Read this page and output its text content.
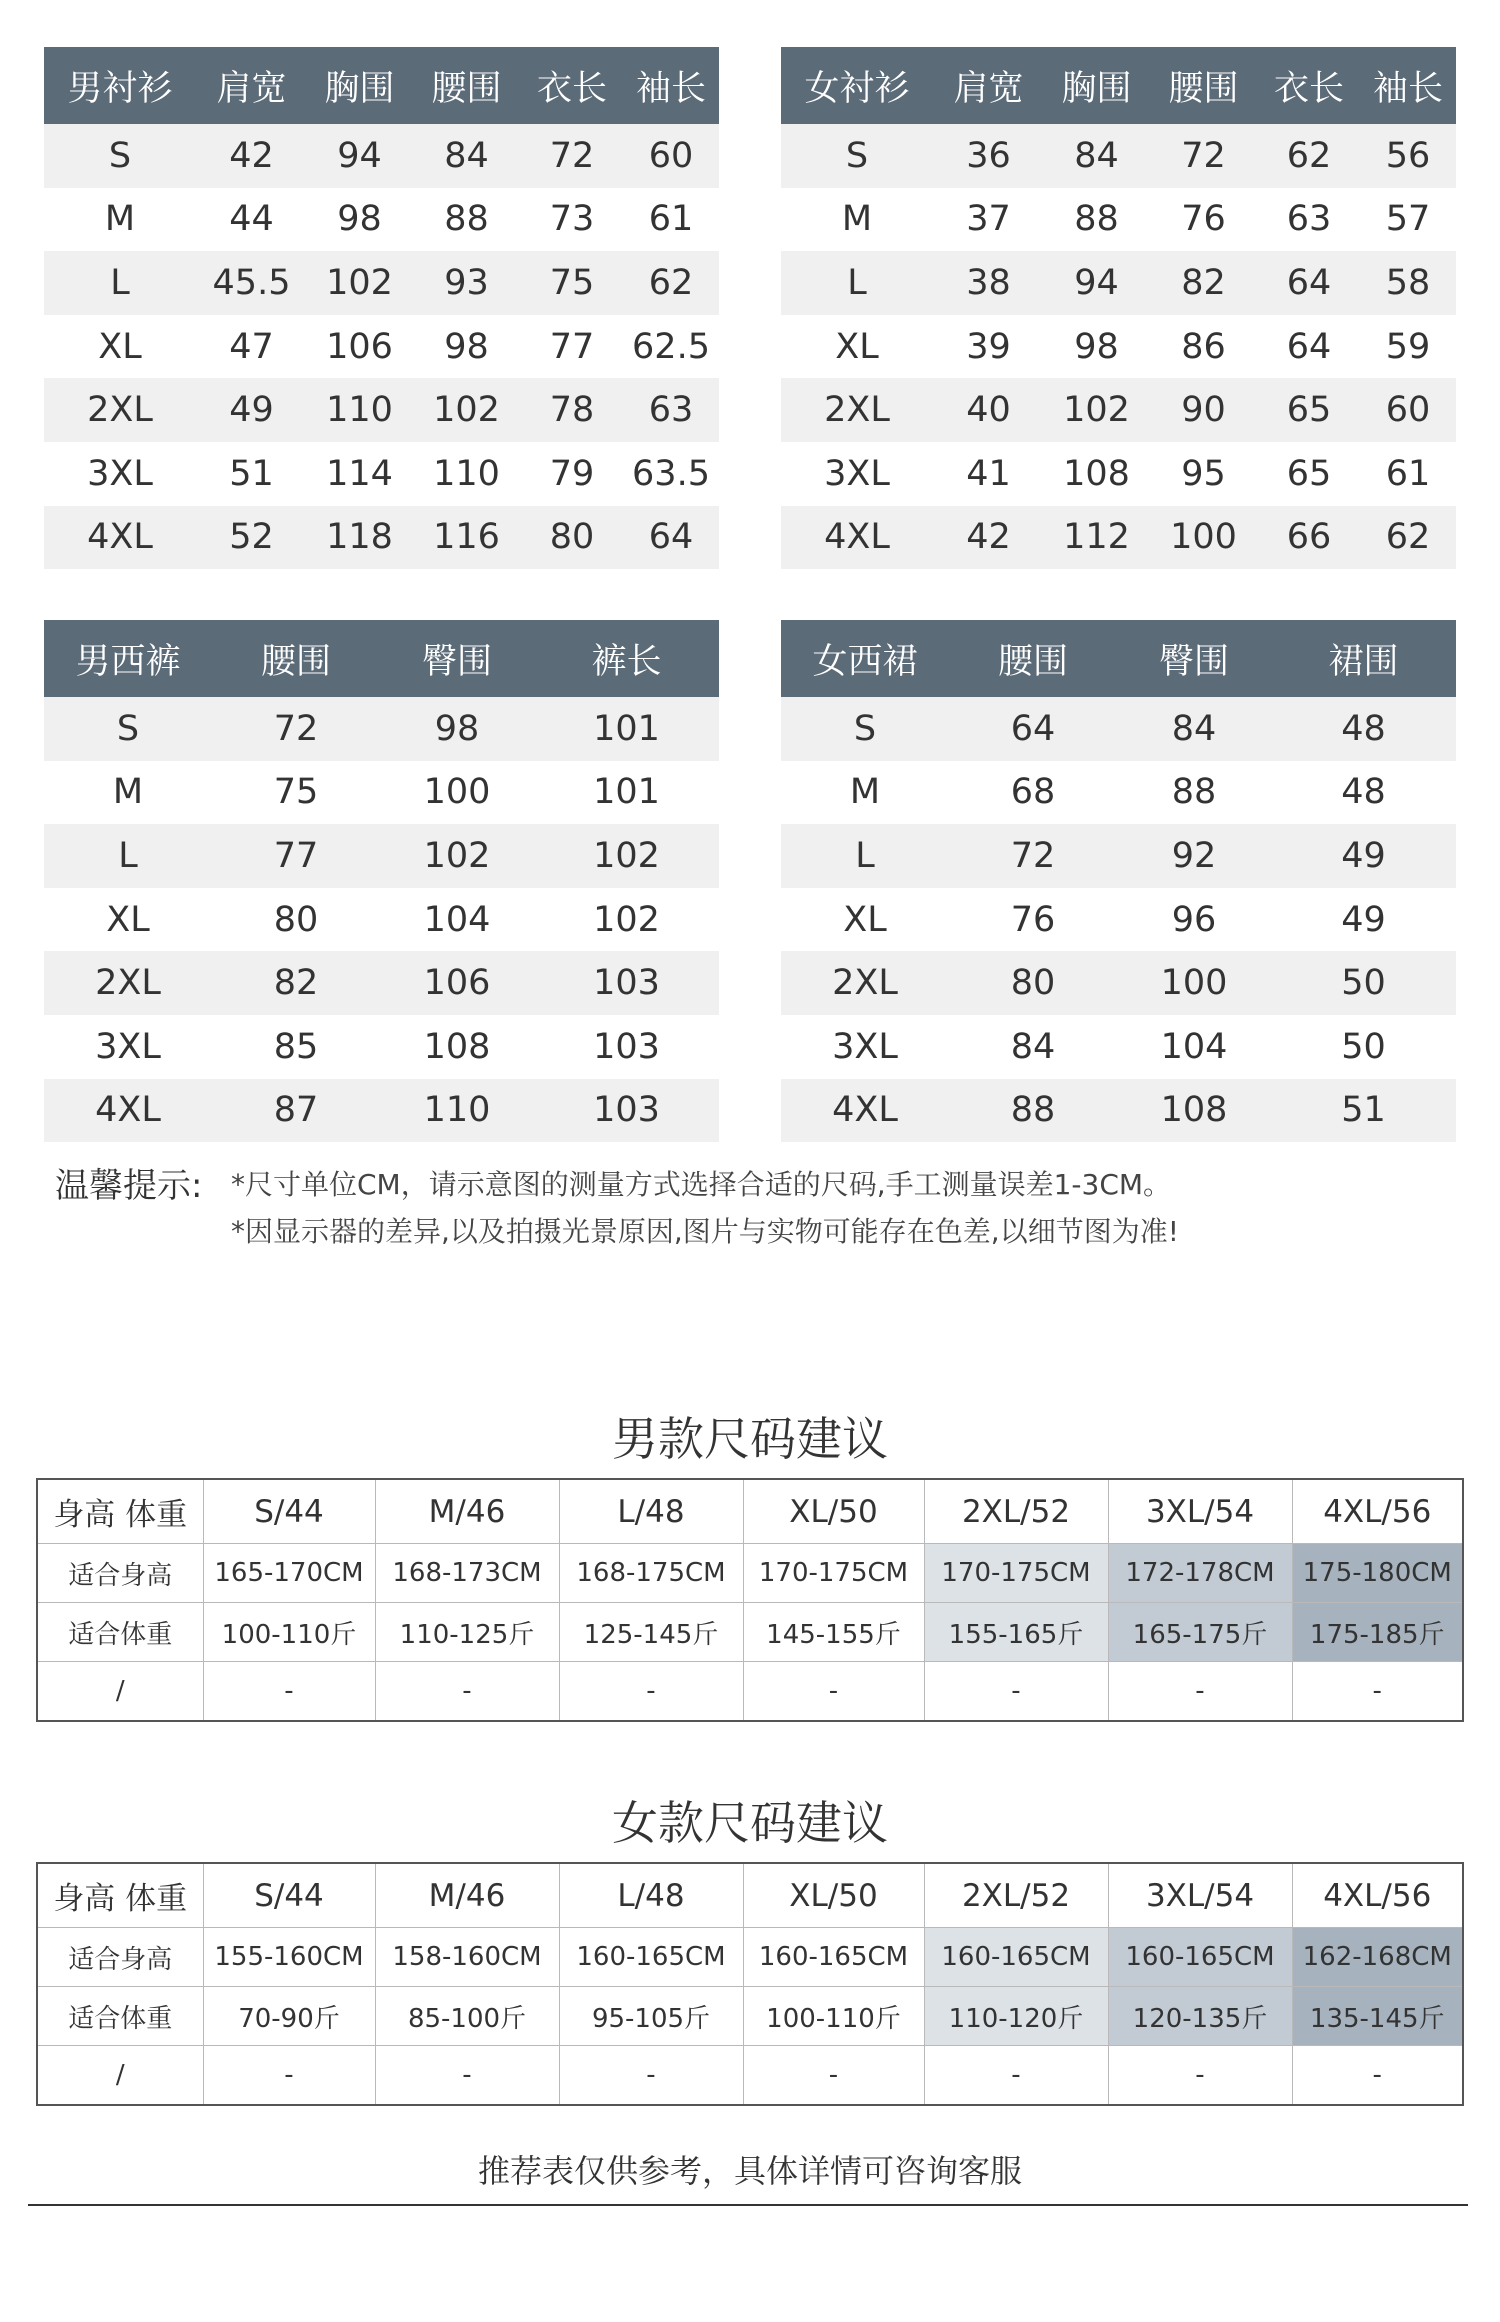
男衬衫	肩宽	胸围	腰围	衣长	袖长
S	42	94	84	72	60
M	44	98	88	73	61
L	45.5	102	93	75	62
XL	47	106	98	77	62.5
2XL	49	110	102	78	63
3XL	51	114	110	79	63.5
4XL	52	118	116	80	64
女衬衫	肩宽	胸围	腰围	衣长	袖长
S	36	84	72	62	56
M	37	88	76	63	57
L	38	94	82	64	58
XL	39	98	86	64	59
2XL	40	102	90	65	60
3XL	41	108	95	65	61
4XL	42	112	100	66	62
男西裤	腰围	臀围	裤长
S	72	98	101
M	75	100	101
L	77	102	102
XL	80	104	102
2XL	82	106	103
3XL	85	108	103
4XL	87	110	103
女西裙	腰围	臀围	裙围
S	64	84	48
M	68	88	48
L	72	92	49
XL	76	96	49
2XL	80	100	50
3XL	84	104	50
4XL	88	108	51
温馨提示: *尺寸单位CM，请示意图的测量方式选择合适的尺码,手工测量误差1-3CM。
*因显示器的差异,以及拍摄光景原因,图片与实物可能存在色差,以细节图为准!
男款尺码建议
身高 体重	S/44	M/46	L/48	XL/50	2XL/52	3XL/54	4XL/56
适合身高	165-170CM	168-173CM	168-175CM	170-175CM	170-175CM	172-178CM	175-180CM
适合体重	100-110斤	110-125斤	125-145斤	145-155斤	155-165斤	165-175斤	175-185斤
/	-	-	-	-	-	-	-
女款尺码建议
身高 体重	S/44	M/46	L/48	XL/50	2XL/52	3XL/54	4XL/56
适合身高	155-160CM	158-160CM	160-165CM	160-165CM	160-165CM	160-165CM	162-168CM
适合体重	70-90斤	85-100斤	95-105斤	100-110斤	110-120斤	120-135斤	135-145斤
/	-	-	-	-	-	-	-
推荐表仅供参考，具体详情可咨询客服
